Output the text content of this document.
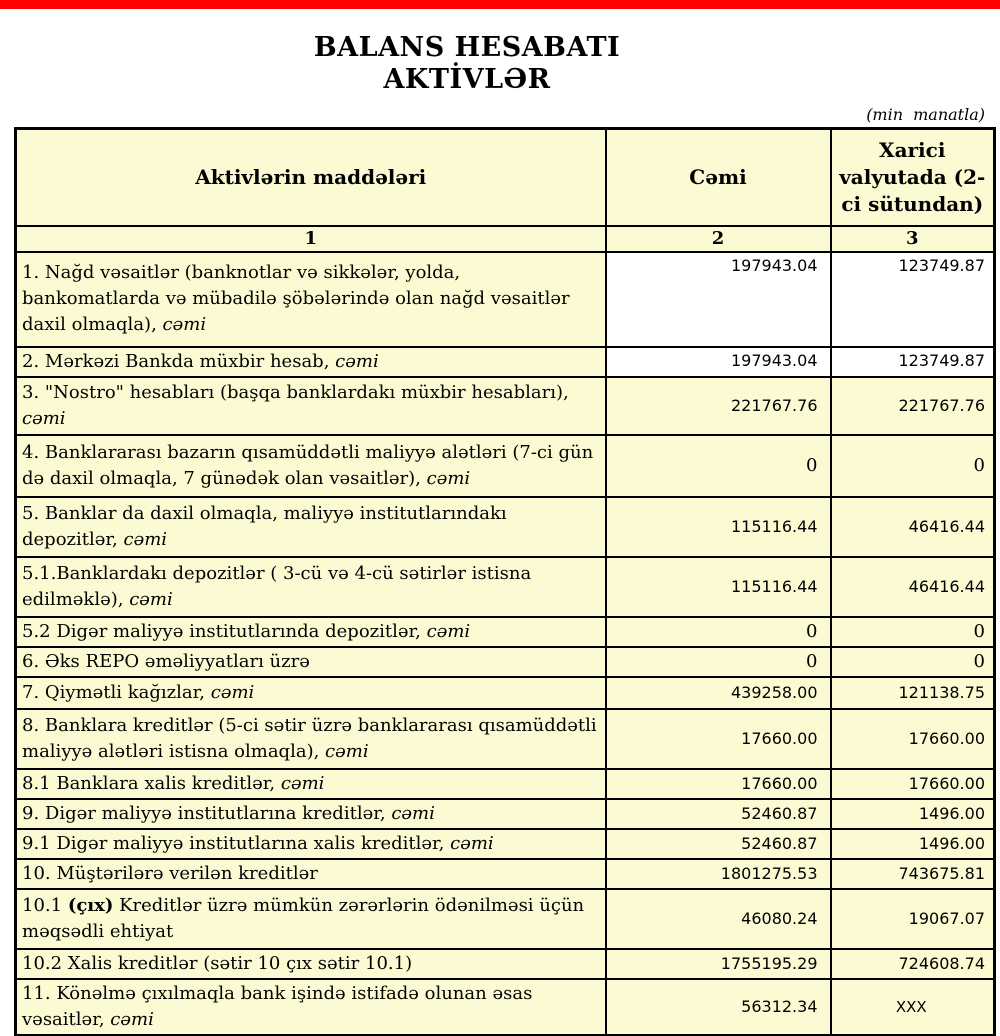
BALANS HESABATI
AKTİVLƏR
(min manatla)
Aktivlərin maddələri	Cəmi	Xarici valyutada (2-ci sütundan)
1	2	3
1. Nağd vəsaitlər (banknotlar və sikkələr, yolda, bankomatlarda və mübadilə şöbələrində olan nağd vəsaitlər daxil olmaqla), cəmi	197943.04	123749.87
2. Mərkəzi Bankda müxbir hesab, cəmi	197943.04	123749.87
3. "Nostro" hesabları (başqa banklardakı müxbir hesabları), cəmi	221767.76	221767.76
4. Banklararası bazarın qısamüddətli maliyyə alətləri (7-ci gün də daxil olmaqla, 7 günədək olan vəsaitlər), cəmi	0	0
5. Banklar da daxil olmaqla, maliyyə institutlarındakı depozitlər, cəmi	115116.44	46416.44
5.1.Banklardakı depozitlər ( 3-cü və 4-cü sətirlər istisna edilməklə), cəmi	115116.44	46416.44
5.2 Digər maliyyə institutlarında depozitlər, cəmi	0	0
6. Əks REPO əməliyyatları üzrə	0	0
7. Qiymətli kağızlar, cəmi	439258.00	121138.75
8. Banklara kreditlər (5-ci sətir üzrə banklararası qısamüddətli maliyyə alətləri istisna olmaqla), cəmi	17660.00	17660.00
8.1 Banklara xalis kreditlər, cəmi	17660.00	17660.00
9. Digər maliyyə institutlarına kreditlər, cəmi	52460.87	1496.00
9.1 Digər maliyyə institutlarına xalis kreditlər, cəmi	52460.87	1496.00
10. Müştərilərə verilən kreditlər	1801275.53	743675.81
10.1 (çıx) Kreditlər üzrə mümkün zərərlərin ödənilməsi üçün məqsədli ehtiyat	46080.24	19067.07
10.2 Xalis kreditlər (sətir 10 çıx sətir 10.1)	1755195.29	724608.74
11. Könəlmə çıxılmaqla bank işində istifadə olunan əsas vəsaitlər, cəmi	56312.34	XXX
